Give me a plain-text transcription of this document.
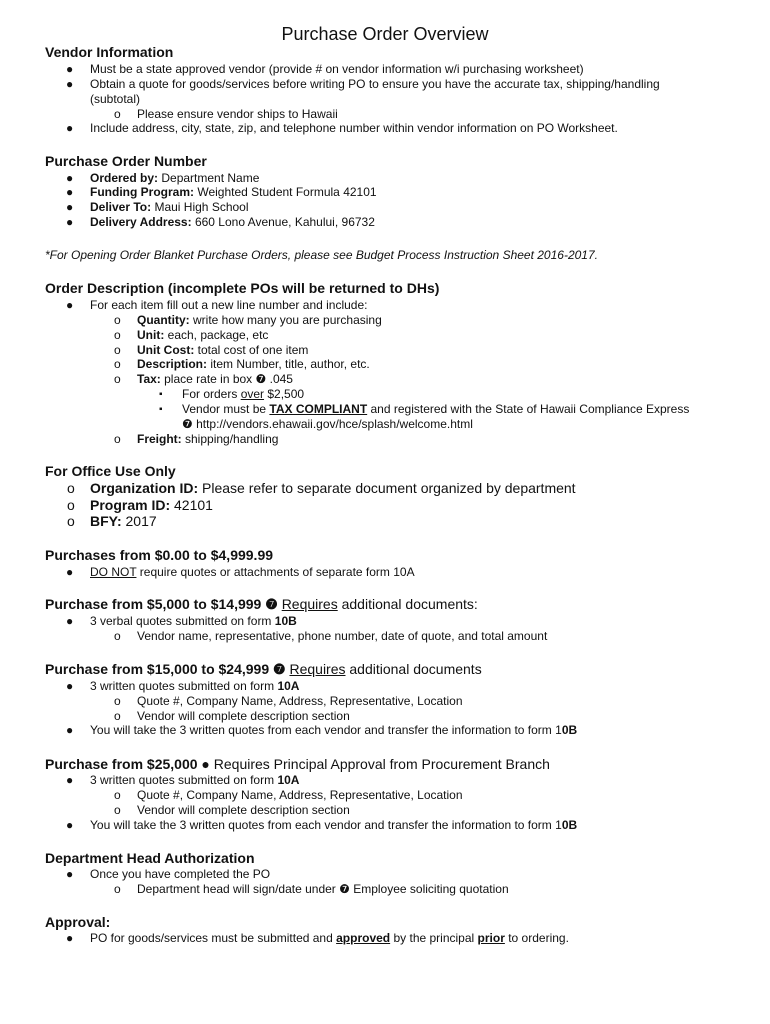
Purchase Order Overview
Vendor Information
● Must be a state approved vendor (provide # on vendor information w/i purchasing worksheet)
● Obtain a quote for goods/services before writing PO to ensure you have the accurate tax, shipping/handling
(subtotal)
o Please ensure vendor ships to Hawaii
● Include address, city, state, zip, and telephone number within vendor information on PO Worksheet.
Purchase Order Number
● Ordered by: Department Name
● Funding Program: Weighted Student Formula 42101
● Deliver To: Maui High School
● Delivery Address: 660 Lono Avenue, Kahului, 96732
*For Opening Order Blanket Purchase Orders, please see Budget Process Instruction Sheet 2016-2017.
Order Description (incomplete POs will be returned to DHs)
● For each item fill out a new line number and include:
o Quantity: write how many you are purchasing
o Unit: each, package, etc
o Unit Cost: total cost of one item
o Description: item Number, title, author, etc.
o Tax: place rate in box ❼ .045
▪ For orders over $2,500
▪ Vendor must be TAX COMPLIANT and registered with the State of Hawaii Compliance Express
❼ http://vendors.ehawaii.gov/hce/splash/welcome.html
o Freight: shipping/handling
For Office Use Only
o Organization ID: Please refer to separate document organized by department
o Program ID: 42101
o BFY: 2017
Purchases from $0.00 to $4,999.99
● DO NOT require quotes or attachments of separate form 10A
Purchase from $5,000 to $14,999 ❼ Requires additional documents:
● 3 verbal quotes submitted on form 10B
o Vendor name, representative, phone number, date of quote, and total amount
Purchase from $15,000 to $24,999 ❼ Requires additional documents
● 3 written quotes submitted on form 10A
o Quote #, Company Name, Address, Representative, Location
o Vendor will complete description section
● You will take the 3 written quotes from each vendor and transfer the information to form 10B
Purchase from $25,000 ● Requires Principal Approval from Procurement Branch
● 3 written quotes submitted on form 10A
o Quote #, Company Name, Address, Representative, Location
o Vendor will complete description section
● You will take the 3 written quotes from each vendor and transfer the information to form 10B
Department Head Authorization
● Once you have completed the PO
o Department head will sign/date under ❼ Employee soliciting quotation
Approval:
● PO for goods/services must be submitted and approved by the principal prior to ordering.
